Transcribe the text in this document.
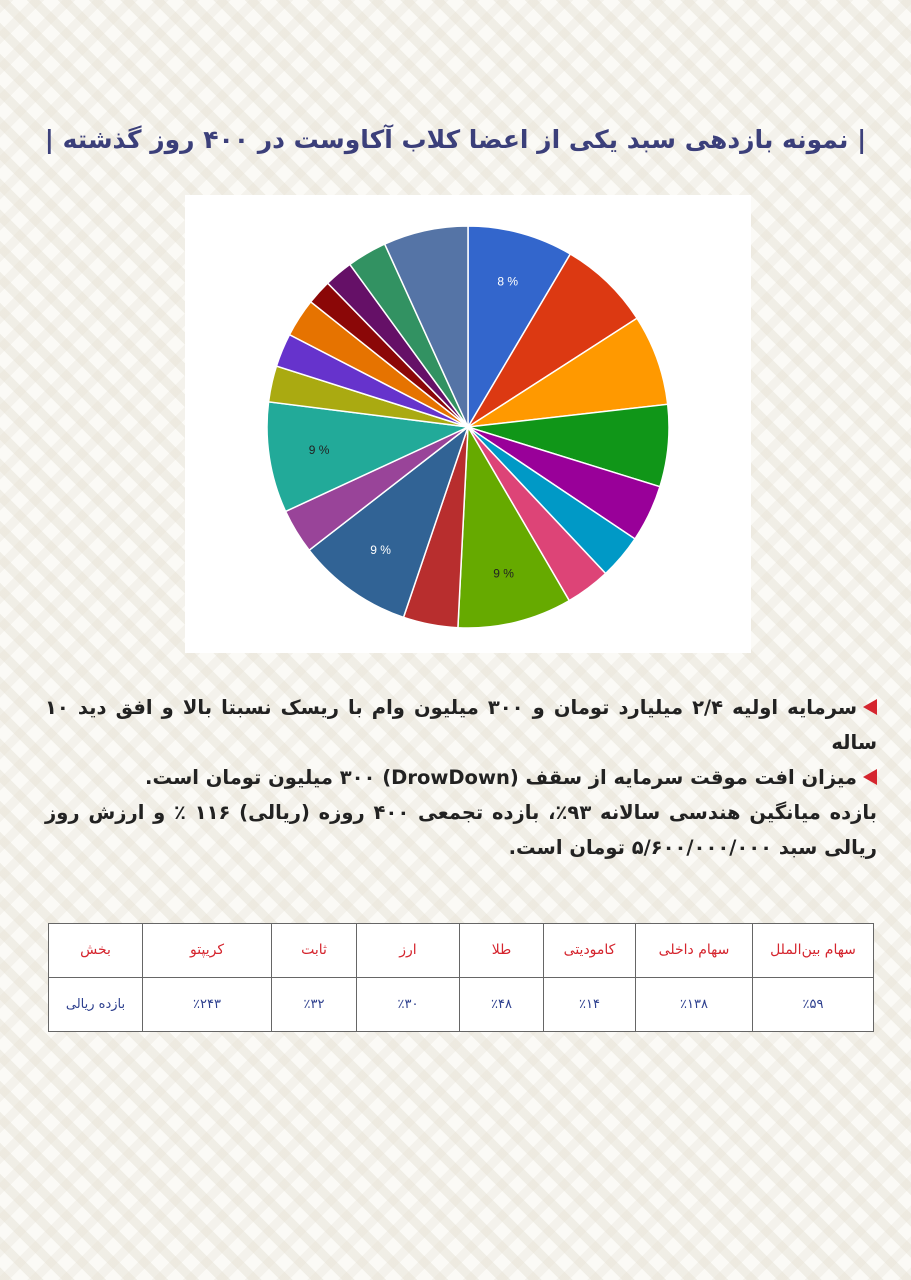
| نمونه بازدهی سبد یکی از اعضا کلاب آکاوست در ۴۰۰ روز گذشته |
8 %
9 %
9 %
9 %

سرمایه اولیه ۲/۴ میلیارد تومان و ۳۰۰ میلیون وام با ریسک نسبتا بالا و افق دید ۱۰ ساله

میزان افت موقت سرمایه از سقف (DrowDown) ۳۰۰ میلیون تومان است.

بازده میانگین هندسی سالانه ۹۳٪، بازده تجمعی ۴۰۰ روزه (ریالی) ۱۱۶ ٪ و ارزش روز ریالی سبد ۵/۶۰۰/۰۰۰/۰۰۰ تومان است.

سهام بین‌الملل	سهام داخلی	کامودیتی	طلا	ارز	ثابت	کریپتو	بخش
٪۵۹	٪۱۳۸	٪۱۴	٪۴۸	٪۳۰	٪۳۲	٪۲۴۳	بازده ریالی
